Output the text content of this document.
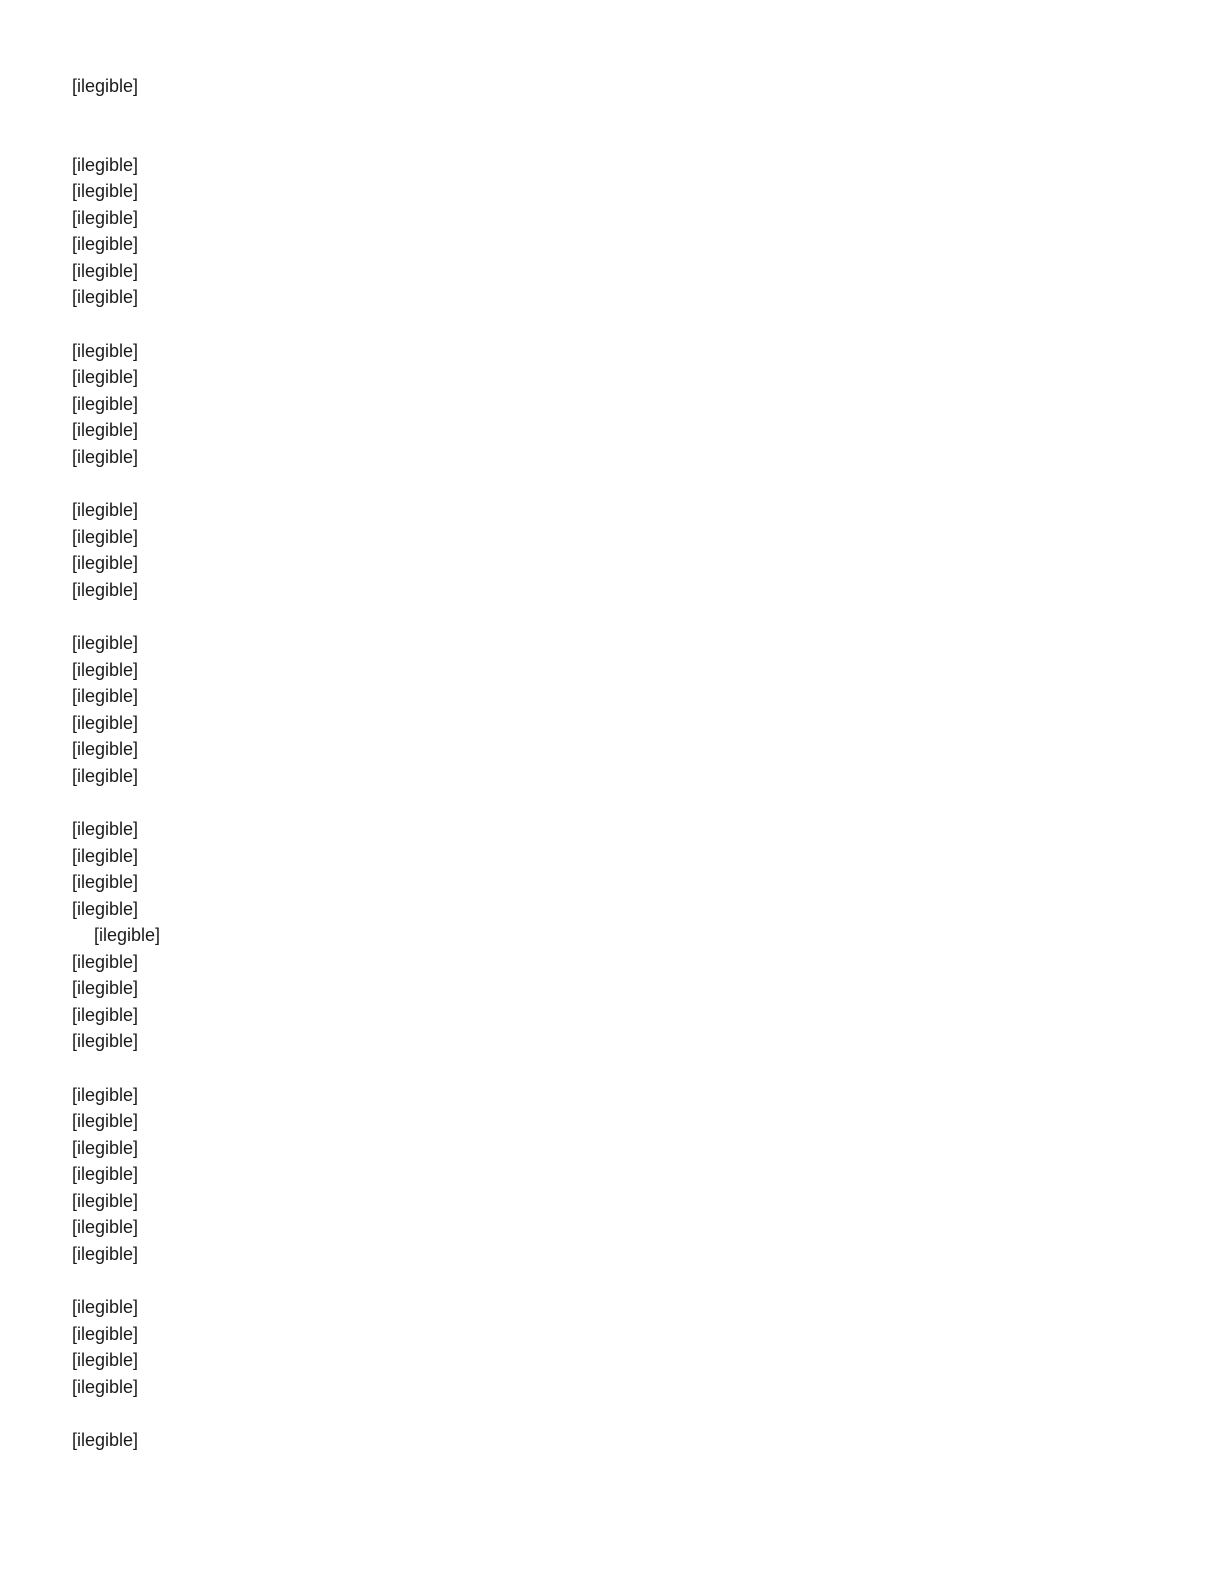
[ilegible]
[ilegible]
[ilegible]
[ilegible]
[ilegible]
[ilegible]
[ilegible]
[ilegible]
[ilegible]
[ilegible]
[ilegible]
[ilegible]
[ilegible]
[ilegible]
[ilegible]
[ilegible]
[ilegible]
[ilegible]
[ilegible]
[ilegible]
[ilegible]
[ilegible]
[ilegible]
[ilegible]
[ilegible]
[ilegible]
[ilegible]
[ilegible]
[ilegible]
[ilegible]
[ilegible]
[ilegible]
[ilegible]
[ilegible]
[ilegible]
[ilegible]
[ilegible]
[ilegible]
[ilegible]
[ilegible]
[ilegible]
[ilegible]
[ilegible]
